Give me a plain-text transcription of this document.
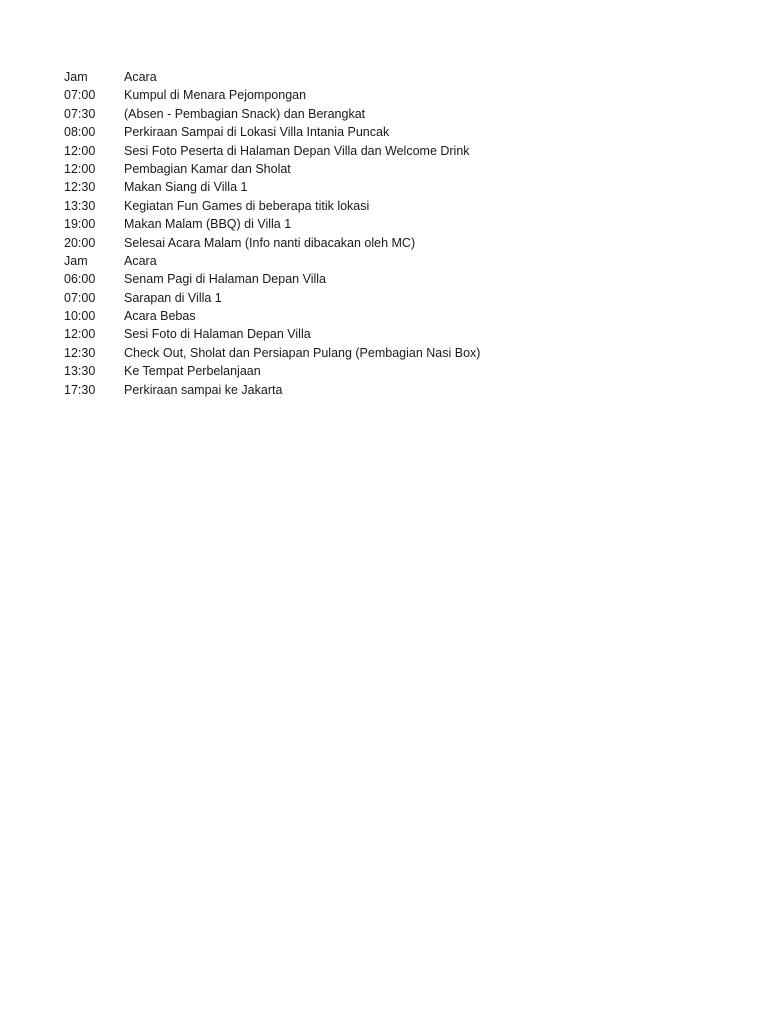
Jam	Acara
07:00	Kumpul di Menara Pejompongan
07:30	(Absen - Pembagian Snack) dan Berangkat
08:00	Perkiraan Sampai di Lokasi Villa Intania Puncak
12:00	Sesi Foto Peserta di Halaman Depan Villa dan Welcome Drink
12:00	Pembagian Kamar dan Sholat
12:30	Makan Siang di Villa 1
13:30	Kegiatan Fun Games di beberapa titik lokasi
19:00	Makan Malam (BBQ) di Villa 1
20:00	Selesai Acara Malam (Info nanti dibacakan oleh MC)
Jam	Acara
06:00	Senam Pagi di Halaman Depan Villa
07:00	Sarapan di Villa 1
10:00	Acara Bebas
12:00	Sesi Foto di Halaman Depan Villa
12:30	Check Out, Sholat dan Persiapan Pulang (Pembagian Nasi Box)
13:30	Ke Tempat Perbelanjaan
17:30	Perkiraan sampai ke Jakarta
